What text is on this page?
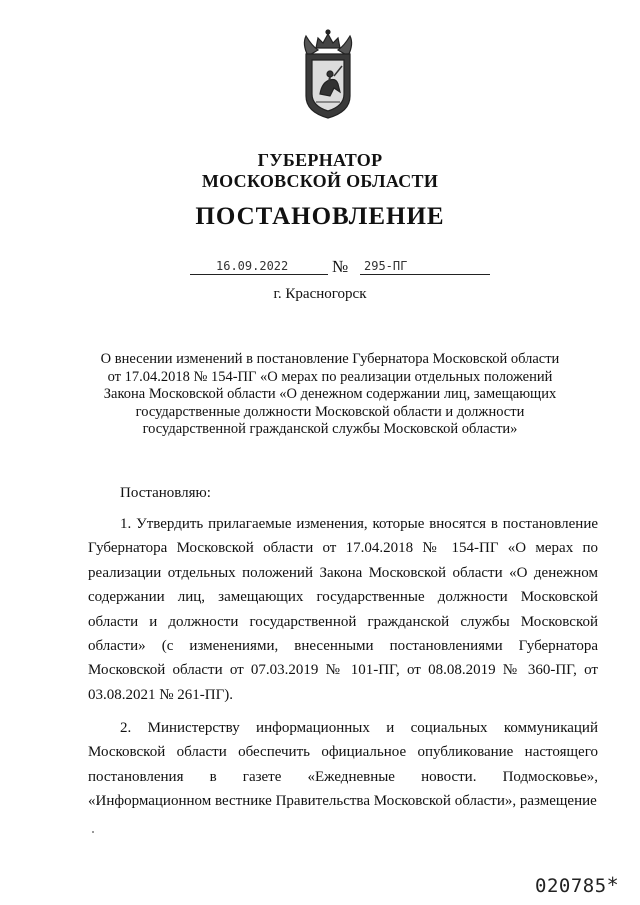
ГУБЕРНАТОР
МОСКОВСКОЙ ОБЛАСТИ
ПОСТАНОВЛЕНИЕ
16.09.2022	№ 295-ПГ
г. Красногорск
О внесении изменений в постановление Губернатора Московской области
от 17.04.2018 № 154-ПГ «О мерах по реализации отдельных положений
Закона Московской области «О денежном содержании лиц, замещающих
государственные должности Московской области и должности
государственной гражданской службы Московской области»
Постановляю:

1. Утвердить прилагаемые изменения, которые вносятся в постановление Губернатора Московской области от 17.04.2018 № 154-ПГ «О мерах по реализации отдельных положений Закона Московской области «О денежном содержании лиц, замещающих государственные должности Московской области и должности государственной гражданской службы Московской области» (с изменениями, внесенными постановлениями Губернатора Московской области от 07.03.2019 № 101-ПГ, от 08.08.2019 № 360-ПГ, от 03.08.2021 № 261-ПГ).

2. Министерству информационных и социальных коммуникаций Московской области обеспечить официальное опубликование настоящего постановления в газете «Ежедневные новости. Подмосковье», «Информационном вестнике Правительства Московской области», размещение

020785*
